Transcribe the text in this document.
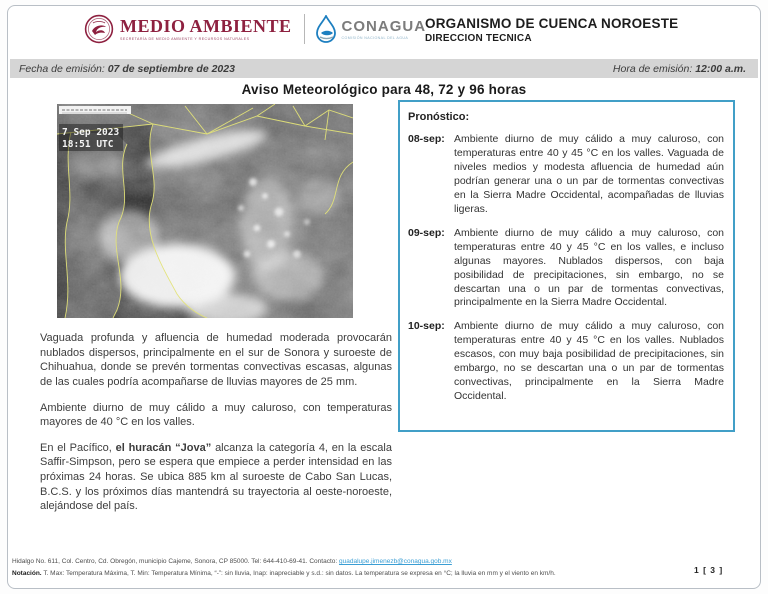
MEDIO AMBIENTE
SECRETARÍA DE MEDIO AMBIENTE Y RECURSOS NATURALES
CONAGUA
COMISIÓN NACIONAL DEL AGUA
ORGANISMO DE CUENCA NOROESTE
DIRECCION TECNICA
Fecha de emisión: 07 de septiembre de 2023	Hora de emisión: 12:00 a.m.
Aviso Meteorológico para 48, 72 y 96 horas
7 Sep 2023
18:51 UTC
Pronóstico:
08-sep: Ambiente diurno de muy cálido a muy caluroso, con temperaturas entre 40 y 45 °C en los valles. Vaguada de niveles medios y modesta afluencia de humedad aún podrían generar una o un par de tormentas convectivas en la Sierra Madre Occidental, acompañadas de lluvias ligeras.
09-sep: Ambiente diurno de muy cálido a muy caluroso, con temperaturas entre 40 y 45 °C en los valles, e incluso algunas mayores. Nublados dispersos, con baja posibilidad de precipitaciones, sin embargo, no se descartan una o un par de tormentas convectivas, principalmente en la Sierra Madre Occidental.
10-sep: Ambiente diurno de muy cálido a muy caluroso, con temperaturas entre 40 y 45 °C en los valles. Nublados escasos, con muy baja posibilidad de precipitaciones, sin embargo, no se descartan una o un par de tormentas convectivas, principalmente en la Sierra Madre Occidental.

Vaguada profunda y afluencia de humedad moderada provocarán nublados dispersos, principalmente en el sur de Sonora y suroeste de Chihuahua, donde se prevén tormentas convectivas escasas, algunas de las cuales podría acompañarse de lluvias mayores de 25 mm.

Ambiente diurno de muy cálido a muy caluroso, con temperaturas mayores de 40 °C en los valles.

En el Pacífico, el huracán “Jova” alcanza la categoría 4, en la escala Saffir-Simpson, pero se espera que empiece a perder intensidad en las próximas 24 horas. Se ubica 885 km al suroeste de Cabo San Lucas, B.C.S. y los próximos días mantendrá su trayectoria al oeste-noroeste, alejándose del país.

Hidalgo No. 611, Col. Centro, Cd. Obregón, municipio Cajeme, Sonora, CP 85000. Tel: 644-410-69-41. Contacto: guadalupe.jimenezb@conagua.gob.mx
Notación. T. Max: Temperatura Máxima, T. Min: Temperatura Mínima, “-”: sin lluvia, Inap: inapreciable y s.d.: sin datos. La temperatura se expresa en °C; la lluvia en mm y el viento en km/h.	1 [ 3 ]
